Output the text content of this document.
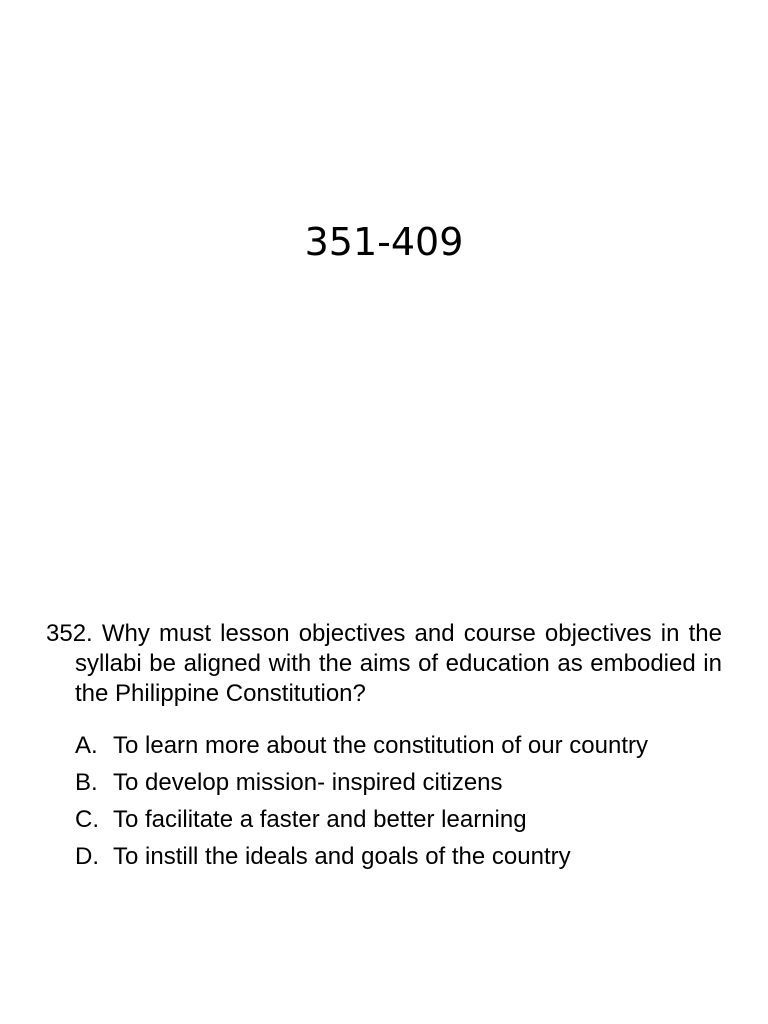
351-409

352. Why must lesson objectives and course objectives in the syllabi be aligned with the aims of education as embodied in the Philippine Constitution?

A. To learn more about the constitution of our country
B. To develop mission- inspired citizens
C. To facilitate a faster and better learning
D. To instill the ideals and goals of the country
